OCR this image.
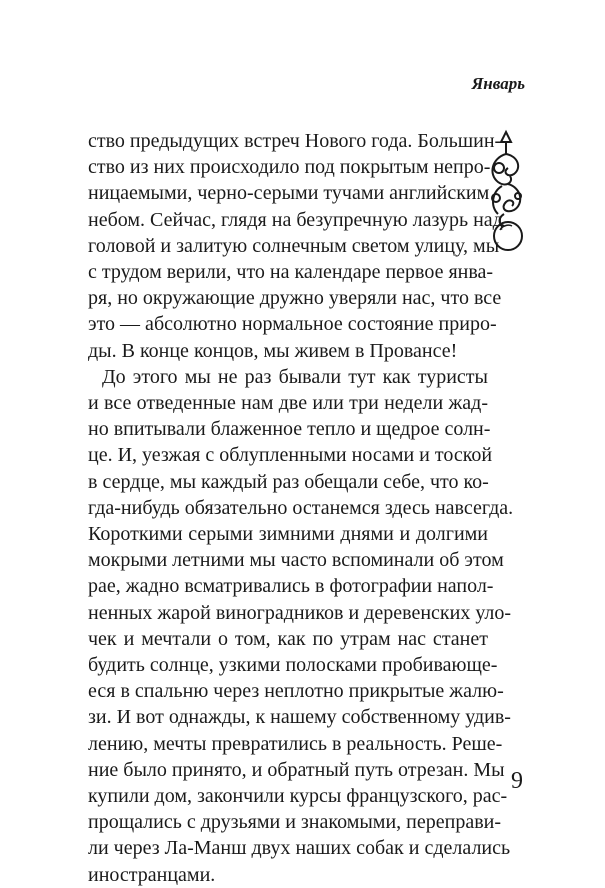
Январь

ство предыдущих встреч Нового года. Большин-
ство из них происходило под покрытым непро-
ницаемыми, черно-серыми тучами английским
небом. Сейчас, глядя на безупречную лазурь над
головой и залитую солнечным светом улицу, мы
с трудом верили, что на календаре первое янва-
ря, но окружающие дружно уверяли нас, что все
это — абсолютно нормальное состояние приро-
ды. В конце концов, мы живем в Провансе!

До этого мы не раз бывали тут как туристы
и все отведенные нам две или три недели жад-
но впитывали блаженное тепло и щедрое солн-
це. И, уезжая с облупленными носами и тоской
в сердце, мы каждый раз обещали себе, что ко-
гда-нибудь обязательно останемся здесь навсегда.
Короткими серыми зимними днями и долгими
мокрыми летними мы часто вспоминали об этом
рае, жадно всматривались в фотографии напол-
ненных жарой виноградников и деревенских уло-
чек и мечтали о том, как по утрам нас станет
будить солнце, узкими полосками пробивающе-
еся в спальню через неплотно прикрытые жалю-
зи. И вот однажды, к нашему собственному удив-
лению, мечты превратились в реальность. Реше-
ние было принято, и обратный путь отрезан. Мы
купили дом, закончили курсы французского, рас-
прощались с друзьями и знакомыми, переправи-
ли через Ла-Манш двух наших собак и сделались
иностранцами.

9
